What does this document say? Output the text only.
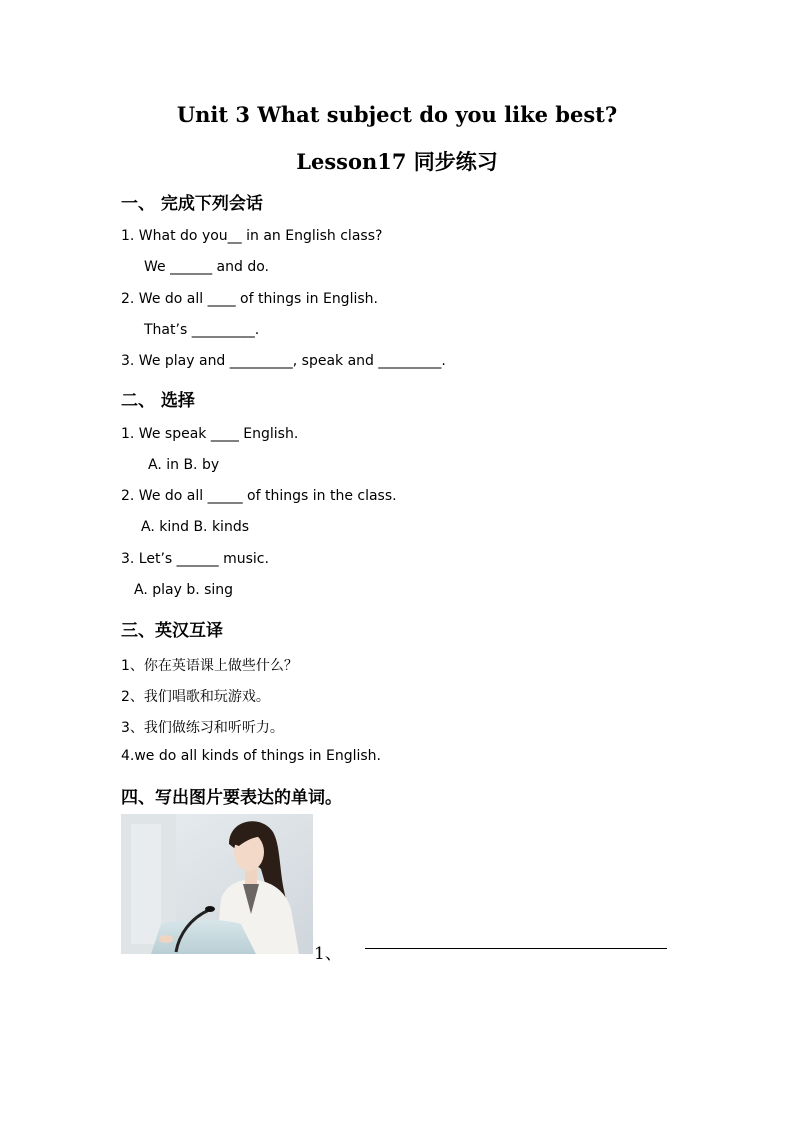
Unit 3 What subject do you like best?
Lesson17 同步练习
一、 完成下列会话
1. What do you__ in an English class?
We ______ and do.
2. We do all ____ of things in English.
That’s _________.
3. We play and _________, speak and _________.
二、 选择
1. We speak ____ English.
A. in B. by
2. We do all _____ of things in the class.
A. kind B. kinds
3. Let’s ______ music.
A. play b. sing
三、英汉互译
1、你在英语课上做些什么？
2、我们唱歌和玩游戏。
3、我们做练习和听听力。
4.we do all kinds of things in English.
四、写出图片要表达的单词。
1、
